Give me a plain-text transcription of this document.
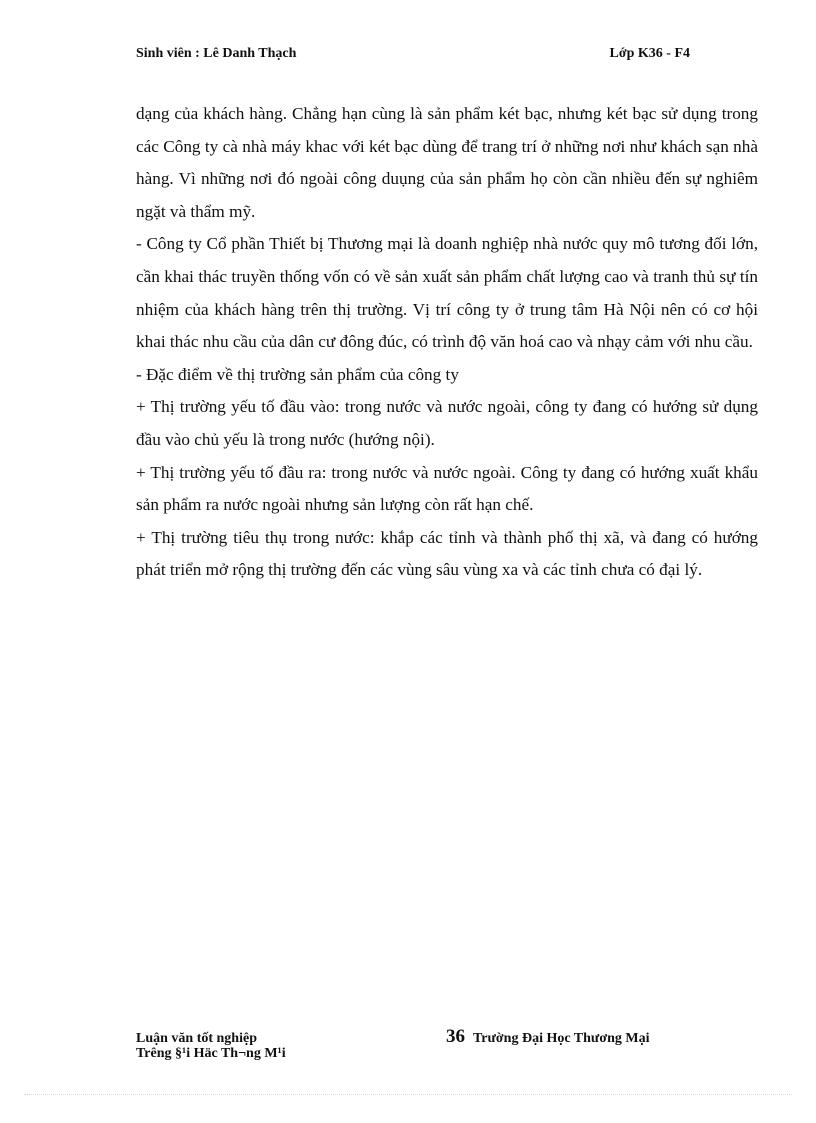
Sinh viên : Lê Danh Thạch	Lớp K36 - F4

dạng của khách hàng. Chẳng hạn cùng là sản phẩm két bạc, nhưng két bạc sử dụng trong các Công ty cà nhà máy khac với két bạc dùng để trang trí ở những nơi như khách sạn nhà hàng. Vì những nơi đó ngoài công duụng của sản phẩm họ còn cần nhiều đến sự nghiêm ngặt và thẩm mỹ.

- Công ty Cổ phần Thiết bị Thương mại là doanh nghiệp nhà nước quy mô tương đối lớn, cần khai thác truyền thống vốn có về sản xuất sản phẩm chất lượng cao và tranh thủ sự tín nhiệm của khách hàng trên thị trường. Vị trí công ty ở trung tâm Hà Nội nên có cơ hội khai thác nhu cầu của dân cư đông đúc, có trình độ văn hoá cao và nhạy cảm với nhu cầu.

- Đặc điểm về thị trường sản phẩm của công ty

+ Thị trường yếu tố đầu vào: trong nước và nước ngoài, công ty đang có hướng sử dụng đầu vào chủ yếu là trong nước (hướng nội).

+ Thị trường yếu tố đầu ra: trong nước và nước ngoài. Công ty đang có hướng xuất khẩu sản phẩm ra nước ngoài nhưng sản lượng còn rất hạn chế.

+ Thị trường tiêu thụ trong nước: khắp các tỉnh và thành phố thị xã, và đang có hướng phát triển mở rộng thị trường đến các vùng sâu vùng xa và các tỉnh chưa có đại lý.

Luận văn tốt nghiệp	36 Trường Đại Học Thương Mại
Trêng §¹i Häc Th¬ng M¹i
